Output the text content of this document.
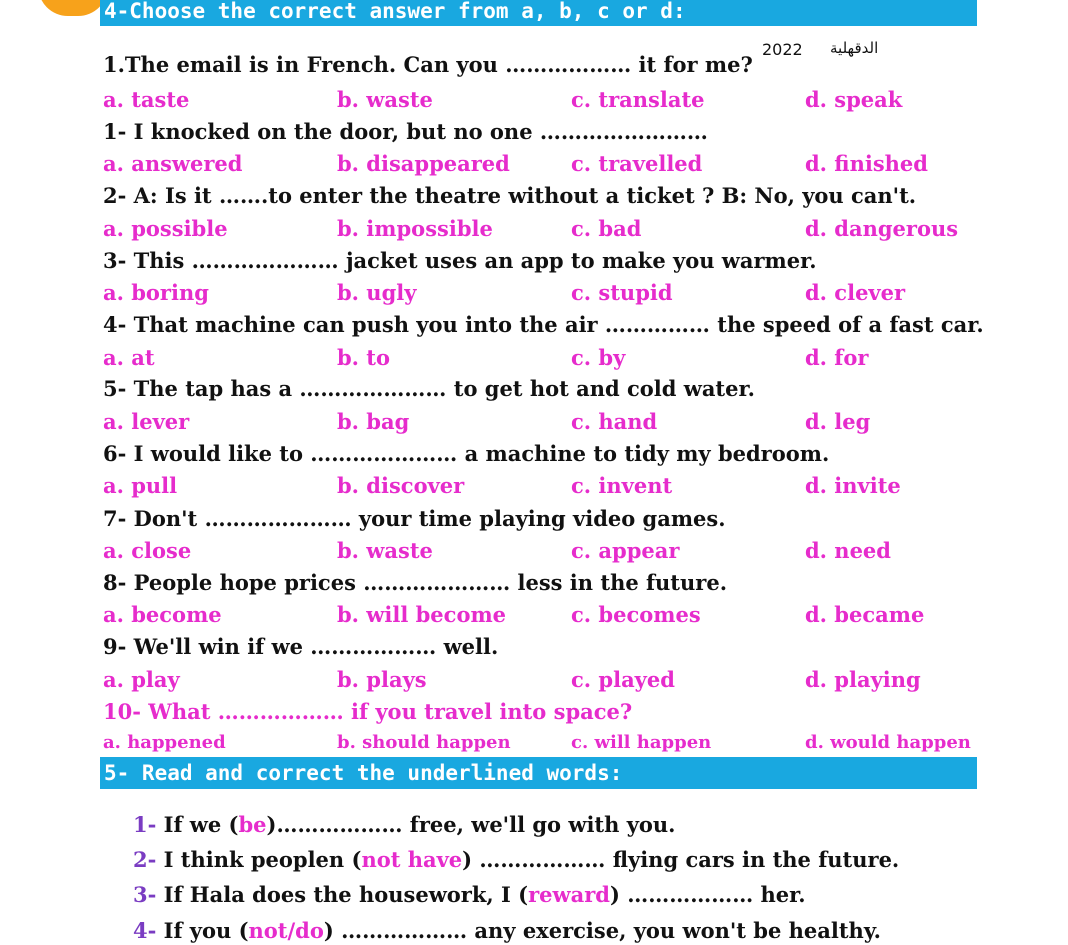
4-Choose the correct answer from a, b, c or d:
2022 الدقهلية
1.The email is in French. Can you ……………… it for me?
a. taste	b. waste	c. translate	d. speak
1- I knocked on the door, but no one ……………………
a. answered	b. disappeared	c. travelled	d. finished
2- A: Is it …….to enter the theatre without a ticket ? B: No, you can't.
a. possible	b. impossible	c. bad	d. dangerous
3- This ………………… jacket uses an app to make you warmer.
a. boring	b. ugly	c. stupid	d. clever
4- That machine can push you into the air …………… the speed of a fast car.
a. at	b. to	c. by	d. for
5- The tap has a ………………… to get hot and cold water.
a. lever	b. bag	c. hand	d. leg
6- I would like to ………………… a machine to tidy my bedroom.
a. pull	b. discover	c. invent	d. invite
7- Don't ………………… your time playing video games.
a. close	b. waste	c. appear	d. need
8- People hope prices ………………… less in the future.
a. become	b. will become	c. becomes	d. became
9- We'll win if we ……………… well.
a. play	b. plays	c. played	d. playing
10- What ……………… if you travel into space?
a. happened	b. should happen	c. will happen	d. would happen
5- Read and correct the underlined words:
1- If we (be)……………… free, we'll go with you.
2- I think peoplen (not have) ……………… flying cars in the future.
3- If Hala does the housework, I (reward) ……………… her.
4- If you (not/do) ……………… any exercise, you won't be healthy.
